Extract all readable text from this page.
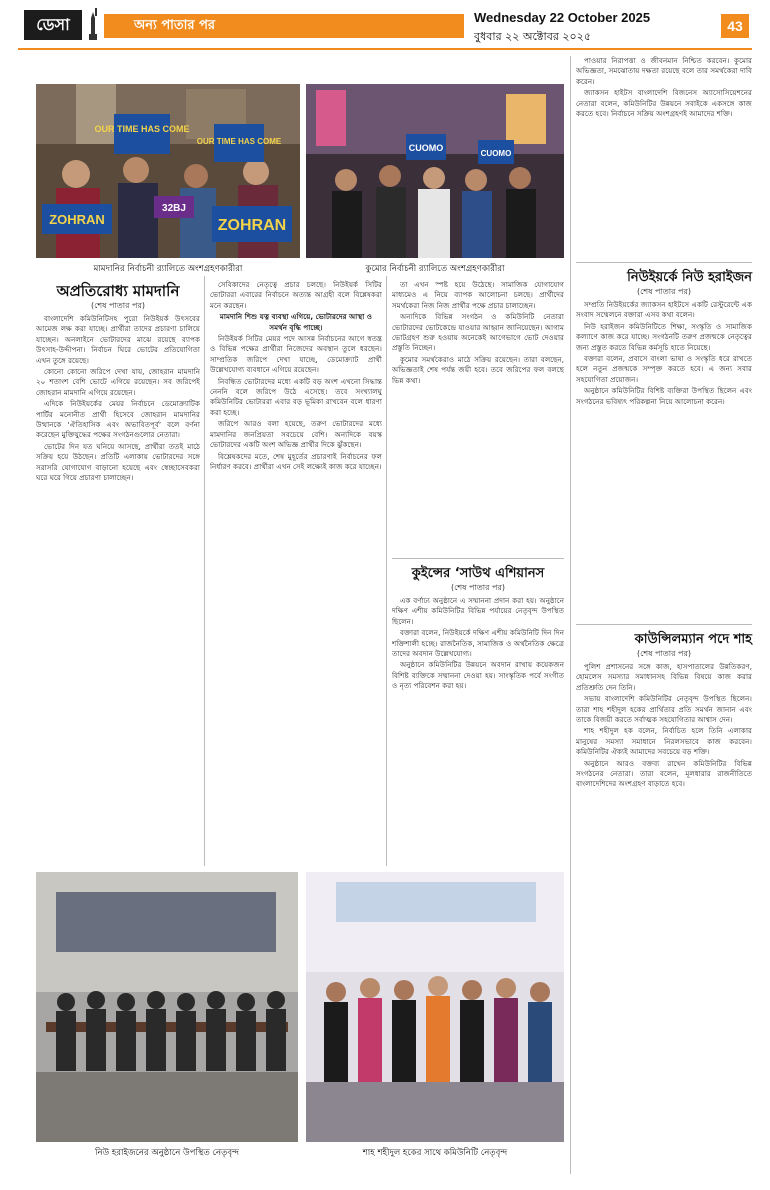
ডেসা	অন্য পাতার পর
Wednesday 22 October 2025
বুধবার ২২ অক্টোবর ২০২৫
43
OUR TIME HAS COME
OUR TIME HAS COME
ZOHRAN	ZOHRAN
32BJ
মামদানির নির্বাচনী র‍্যালিতে অংশগ্রহণকারীরা
CUOMO
CUOMO
কুমোর নির্বাচনী র‍্যালিতে অংশগ্রহণকারীরা
অপ্রতিরোধ্য মামদানি
(শেষ পাতার পর)

বাংলাদেশি কমিউনিটিসহ পুরো নিউইয়র্ক উৎসবের আমেজ লক্ষ করা যাচ্ছে। প্রার্থীরা তাদের প্রচারণা চালিয়ে যাচ্ছেন। অনলাইনে ভোটারদের মাঝে রয়েছে ব্যাপক উৎসাহ-উদ্দীপনা। নির্বাচন ঘিরে ভোটের প্রতিযোগিতা এখন তুঙ্গে রয়েছে।

কোনো কোনো জরিপে দেখা যায়, জোহরান মামদানি ২০ শতাংশ বেশি ভোটে এগিয়ে রয়েছেন। সব জরিপেই জোহরান মামদানি এগিয়ে রয়েছেন।

এদিকে নিউইয়র্কের মেয়র নির্বাচনে ডেমোক্র্যাটিক পার্টির মনোনীত প্রার্থী হিসেবে জোহরান মামদানির উত্থানকে ‘ঐতিহাসিক এবং অভাবিতপূর্ব’ বলে বর্ণনা করেছেন মুক্তিযুদ্ধের পক্ষের সংগঠনগুলোর নেতারা।

ভোটের দিন যত ঘনিয়ে আসছে, প্রার্থীরা ততই মাঠে সক্রিয় হয়ে উঠছেন। প্রতিটি এলাকায় ভোটারদের সঙ্গে সরাসরি যোগাযোগ বাড়ানো হয়েছে এবং স্বেচ্ছাসেবকরা ঘরে ঘরে গিয়ে প্রচারণা চালাচ্ছেন।

সেবিকাদের নেতৃত্বে প্রচার চলছে। নিউইয়র্ক সিটির ভোটাররা এবারের নির্বাচনে অত্যন্ত আগ্রহী বলে বিশ্লেষকরা মনে করছেন।

মামদানি শিশু যত্ন ব্যবস্থা এগিয়ে, ভোটারদের আস্থা ও সমর্থন বৃদ্ধি পাচ্ছে।

নিউইয়র্ক সিটির মেয়র পদে আসন্ন নির্বাচনের আগে স্বতন্ত্র ও বিভিন্ন পক্ষের প্রার্থীরা নিজেদের অবস্থান তুলে ধরছেন। সাম্প্রতিক জরিপে দেখা যাচ্ছে, ডেমোক্র্যাট প্রার্থী উল্লেখযোগ্য ব্যবধানে এগিয়ে রয়েছেন।

নিবন্ধিত ভোটারদের মধ্যে একটি বড় অংশ এখনো সিদ্ধান্ত নেননি বলে জরিপে উঠে এসেছে। তবে সংখ্যালঘু কমিউনিটির ভোটাররা এবার বড় ভূমিকা রাখবেন বলে ধারণা করা হচ্ছে।

জরিপে আরও বলা হয়েছে, তরুণ ভোটারদের মধ্যে মামদানির জনপ্রিয়তা সবচেয়ে বেশি। অন্যদিকে বয়স্ক ভোটারদের একটি অংশ অভিজ্ঞ প্রার্থীর দিকে ঝুঁকছেন।

বিশ্লেষকদের মতে, শেষ মুহূর্তের প্রচারণাই নির্বাচনের ফল নির্ধারণ করবে। প্রার্থীরা এখন সেই লক্ষ্যেই কাজ করে যাচ্ছেন।

তা এখন স্পষ্ট হয়ে উঠেছে। সামাজিক যোগাযোগ মাধ্যমেও এ নিয়ে ব্যাপক আলোচনা চলছে। প্রার্থীদের সমর্থকেরা নিজ নিজ প্রার্থীর পক্ষে প্রচার চালাচ্ছেন।

অন্যদিকে বিভিন্ন সংগঠন ও কমিউনিটি নেতারা ভোটারদের ভোটকেন্দ্রে যাওয়ার আহ্বান জানিয়েছেন। আগাম ভোটগ্রহণ শুরু হওয়ায় অনেকেই আগেভাগে ভোট দেওয়ার প্রস্তুতি নিচ্ছেন।

কুমোর সমর্থকেরাও মাঠে সক্রিয় রয়েছেন। তারা বলছেন, অভিজ্ঞতাই শেষ পর্যন্ত জয়ী হবে। তবে জরিপের ফল বলছে ভিন্ন কথা।

কুইন্সের ‘সাউথ এশিয়ানস
(শেষ পাতার পর)

এক বর্ণাঢ্য অনুষ্ঠানে এ সম্মাননা প্রদান করা হয়। অনুষ্ঠানে দক্ষিণ এশীয় কমিউনিটির বিভিন্ন পর্যায়ের নেতৃবৃন্দ উপস্থিত ছিলেন।

বক্তারা বলেন, নিউইয়র্কে দক্ষিণ এশীয় কমিউনিটি দিন দিন শক্তিশালী হচ্ছে। রাজনৈতিক, সামাজিক ও অর্থনৈতিক ক্ষেত্রে তাদের অবদান উল্লেখযোগ্য।

অনুষ্ঠানে কমিউনিটির উন্নয়নে অবদান রাখায় কয়েকজন বিশিষ্ট ব্যক্তিকে সম্মাননা দেওয়া হয়। সাংস্কৃতিক পর্বে সংগীত ও নৃত্য পরিবেশন করা হয়।

পাওয়ার নিরাপত্তা ও জীবনমান নিশ্চিত করবেন। কুমোর অভিজ্ঞতা, সমঝোতায় দক্ষতা রয়েছে বলে তার সমর্থকেরা দাবি করেন।

জ্যাকসন হাইটস বাংলাদেশি বিজনেস অ্যাসোসিয়েশনের নেতারা বলেন, কমিউনিটির উন্নয়নে সবাইকে একসঙ্গে কাজ করতে হবে। নির্বাচনে সক্রিয় অংশগ্রহণই আমাদের শক্তি।

নিউইয়র্কে নিউ হরাইজন
(শেষ পাতার পর)

সম্প্রতি নিউইয়র্কের জ্যাকসন হাইটসে একটি রেস্টুরেন্টে এক সংবাদ সম্মেলনে বক্তারা এসব কথা বলেন।

নিউ হরাইজন কমিউনিটিতে শিক্ষা, সংস্কৃতি ও সামাজিক কল্যাণে কাজ করে যাচ্ছে। সংগঠনটি তরুণ প্রজন্মকে নেতৃত্বের জন্য প্রস্তুত করতে বিভিন্ন কর্মসূচি হাতে নিয়েছে।

বক্তারা বলেন, প্রবাসে বাংলা ভাষা ও সংস্কৃতি ধরে রাখতে হলে নতুন প্রজন্মকে সম্পৃক্ত করতে হবে। এ জন্য সবার সহযোগিতা প্রয়োজন।

অনুষ্ঠানে কমিউনিটির বিশিষ্ট ব্যক্তিরা উপস্থিত ছিলেন এবং সংগঠনের ভবিষ্যৎ পরিকল্পনা নিয়ে আলোচনা করেন।

কাউন্সিলম্যান পদে শাহ
(শেষ পাতার পর)

পুলিশ প্রশাসনের সঙ্গে কাজ, হাসপাতালের উন্নতিকরণ, হোমলেস সমস্যার সমাধানসহ বিভিন্ন বিষয়ে কাজ করার প্রতিশ্রুতি দেন তিনি।

সভায় বাংলাদেশি কমিউনিটির নেতৃবৃন্দ উপস্থিত ছিলেন। তারা শাহ শহীদুল হকের প্রার্থিতার প্রতি সমর্থন জানান এবং তাকে বিজয়ী করতে সর্বাত্মক সহযোগিতার আশ্বাস দেন।

শাহ শহীদুল হক বলেন, নির্বাচিত হলে তিনি এলাকার মানুষের সমস্যা সমাধানে নিরলসভাবে কাজ করবেন। কমিউনিটির ঐক্যই আমাদের সবচেয়ে বড় শক্তি।

অনুষ্ঠানে আরও বক্তব্য রাখেন কমিউনিটির বিভিন্ন সংগঠনের নেতারা। তারা বলেন, মূলধারার রাজনীতিতে বাংলাদেশিদের অংশগ্রহণ বাড়াতে হবে।

নিউ হরাইজনের অনুষ্ঠানে উপস্থিত নেতৃবৃন্দ	শাহ শহীদুল হকের সাথে কমিউনিটি নেতৃবৃন্দ
